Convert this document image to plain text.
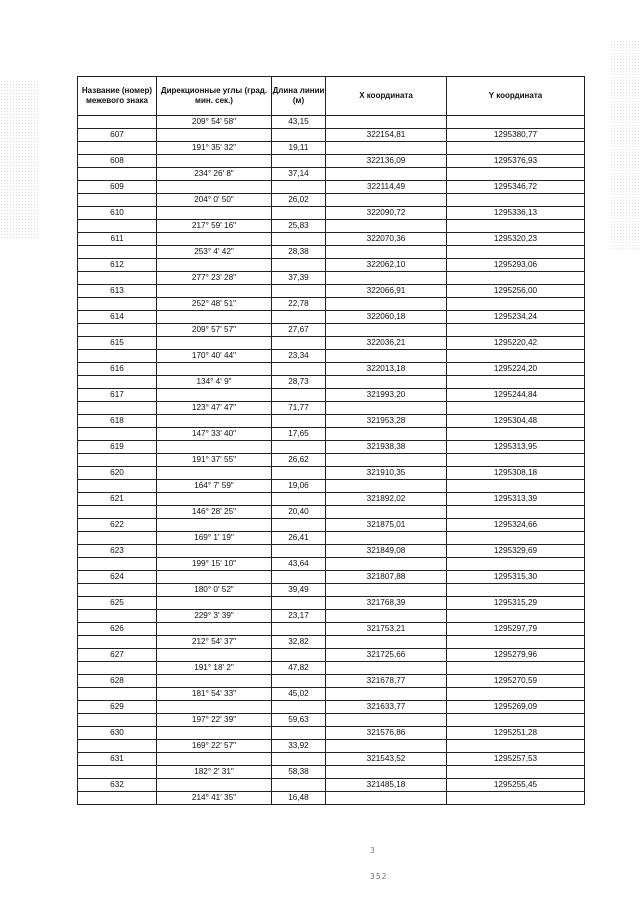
Название (номер) межевого знака	Дирекционные углы (град. мин. сек.)	Длина линии (м)	X координата	Y координата
	209° 54' 58"	43,15		
607			322154,81	1295380,77
	191° 35' 32"	19,11		
608			322136,09	1295376,93
	234° 26' 8"	37,14		
609			322114,49	1295346,72
	204° 0' 50"	26,02		
610			322090,72	1295336,13
	217° 59' 16"	25,83		
611			322070,36	1295320,23
	253° 4' 42"	28,38		
612			322062,10	1295293,06
	277° 23' 28"	37,39		
613			322066,91	1295256,00
	252° 48' 51"	22,78		
614			322060,18	1295234,24
	209° 57' 57"	27,67		
615			322036,21	1295220,42
	170° 40' 44"	23,34		
616			322013,18	1295224,20
	134° 4' 9"	28,73		
617			321993,20	1295244,84
	123° 47' 47"	71,77		
618			321953,28	1295304,48
	147° 33' 40"	17,65		
619			321938,38	1295313,95
	191° 37' 55"	26,62		
620			321910,35	1295308,18
	164° 7' 59"	19,06		
621			321892,02	1295313,39
	146° 28' 25"	20,40		
622			321875,01	1295324,66
	169° 1' 19"	26,41		
623			321849,08	1295329,69
	199° 15' 10"	43,64		
624			321807,88	1295315,30
	180° 0' 52"	39,49		
625			321768,39	1295315,29
	229° 3' 39"	23,17		
626			321753,21	1295297,79
	212° 54' 37"	32,82		
627			321725,66	1295279,96
	191° 18' 2"	47,82		
628			321678,77	1295270,59
	181° 54' 33"	45,02		
629			321633,77	1295269,09
	197° 22' 39"	59,63		
630			321576,86	1295251,28
	169° 22' 57"	33,92		
631			321543,52	1295257,53
	182° 2' 31"	58,38		
632			321485,18	1295255,45
	214° 41' 35"	16,48		
3
352
